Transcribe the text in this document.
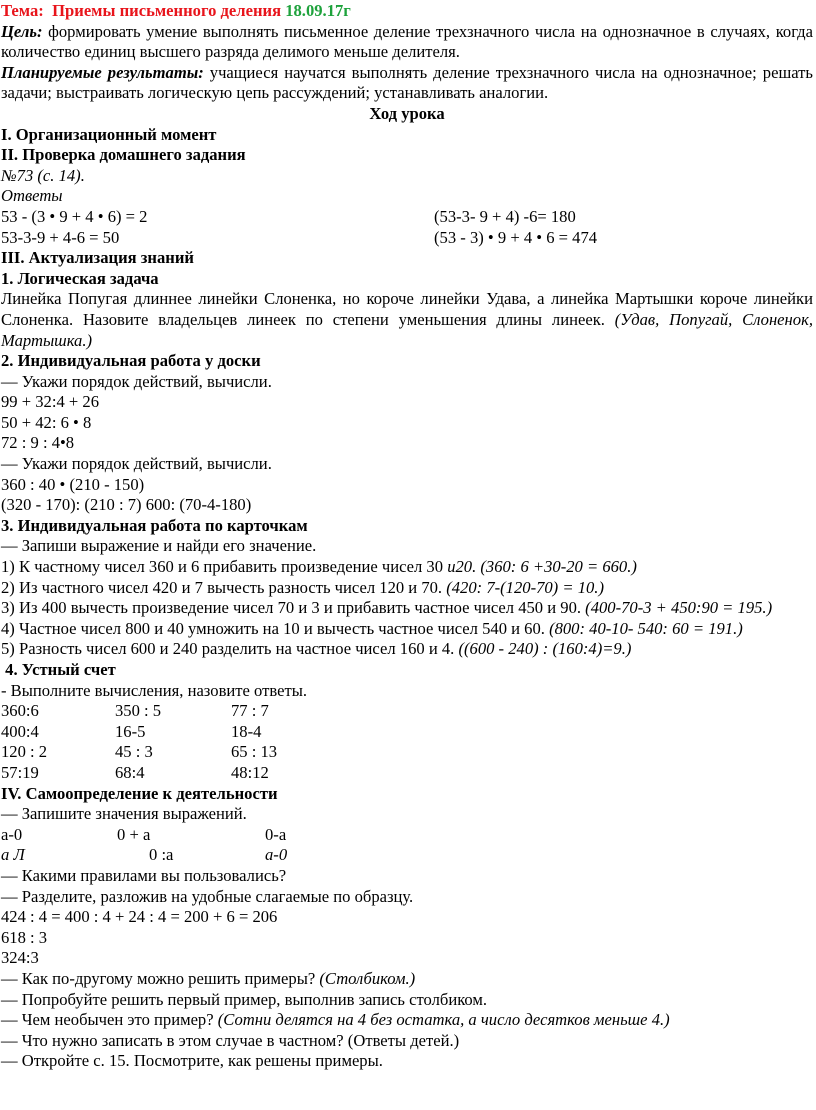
Тема: Приемы письменного деления 18.09.17г

Цель: формировать умение выполнять письменное деление трехзначного числа на однозначное в случаях, когда количество единиц высшего разряда делимого меньше делителя.

Планируемые результаты: учащиеся научатся выполнять деление трехзначного числа на однозначное; решать задачи; выстраивать логическую цепь рассуждений; устанавливать аналогии.

Ход урока

I. Организационный момент

II. Проверка домашнего задания

№73 (с. 14).

Ответы

53 - (3 • 9 + 4 • 6) = 2	(53-3- 9 + 4) -6= 180
53-3-9 + 4-6 = 50	(53 - 3) • 9 + 4 • 6 = 474

III. Актуализация знаний

1. Логическая задача

Линейка Попугая длиннее линейки Слоненка, но короче линейки Удава, а линейка Мартышки короче линейки Слоненка. Назовите владельцев линеек по степени уменьшения длины линеек. (Удав, Попугай, Слоненок, Мартышка.)

2. Индивидуальная работа у доски

— Укажи порядок действий, вычисли.

99 + 32:4 + 26

50 + 42: 6 • 8

72 : 9 : 4•8

— Укажи порядок действий, вычисли.

360 : 40 • (210 - 150)

(320 - 170): (210 : 7) 600: (70-4-180)

3. Индивидуальная работа по карточкам

— Запиши выражение и найди его значение.

1) К частному чисел 360 и 6 прибавить произведение чисел 30 и20. (360: 6 +30-20 = 660.)

2) Из частного чисел 420 и 7 вычесть разность чисел 120 и 70. (420: 7-(120-70) = 10.)

3) Из 400 вычесть произведение чисел 70 и 3 и прибавить частное чисел 450 и 90. (400-70-3 + 450:90 = 195.)

4) Частное чисел 800 и 40 умножить на 10 и вычесть частное чисел 540 и 60. (800: 40-10- 540: 60 = 191.)

5) Разность чисел 600 и 240 разделить на частное чисел 160 и 4. ((600 - 240) : (160:4)=9.)

4. Устный счет

- Выполните вычисления, назовите ответы.

360:6	350 : 5	77 : 7
400:4	16-5	18-4
120 : 2	45 : 3	65 : 13
57:19	68:4	48:12

IV. Самоопределение к деятельности

— Запишите значения выражений.

а-0	0 + а	0-а
а Л	0 :а	а-0

— Какими правилами вы пользовались?

— Разделите, разложив на удобные слагаемые по образцу.

424 : 4 = 400 : 4 + 24 : 4 = 200 + 6 = 206

618 : 3

324:3

— Как по-другому можно решить примеры? (Столбиком.)

— Попробуйте решить первый пример, выполнив запись столбиком.

— Чем необычен это пример? (Сотни делятся на 4 без остатка, а число десятков меньше 4.)

— Что нужно записать в этом случае в частном? (Ответы детей.)

— Откройте с. 15. Посмотрите, как решены примеры.
